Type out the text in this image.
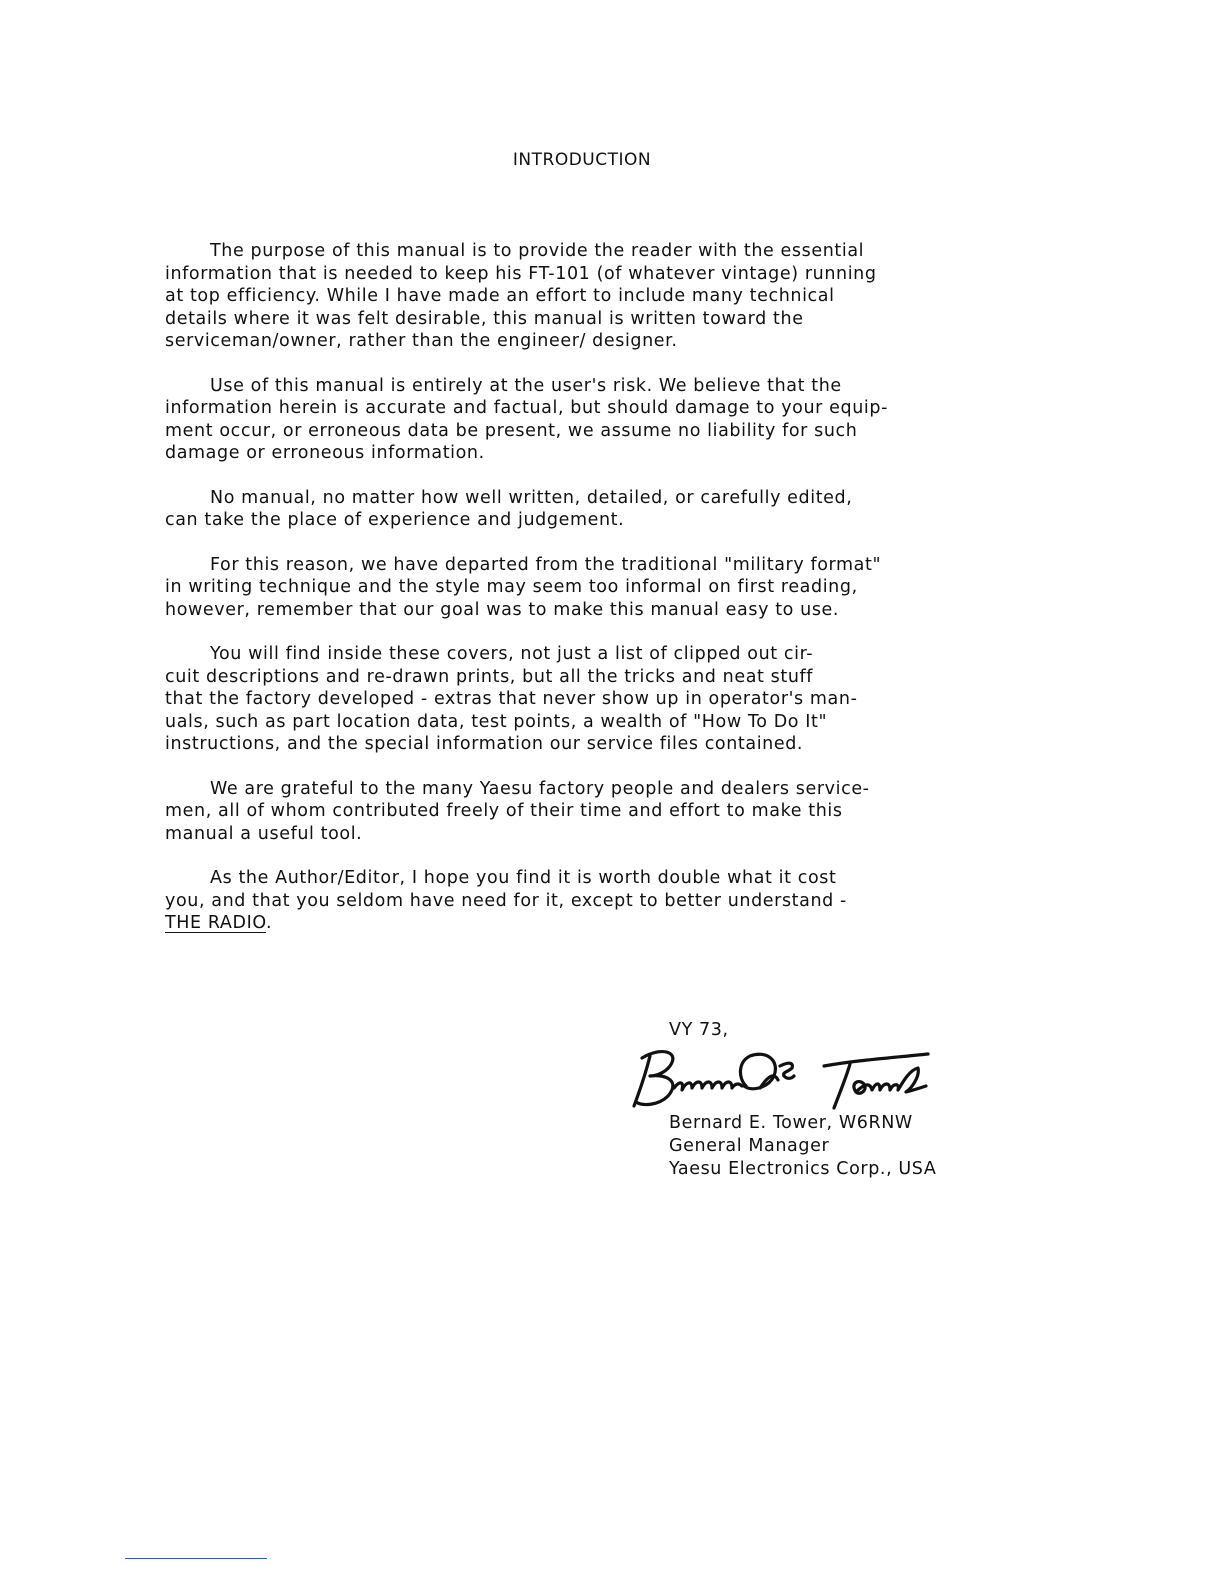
INTRODUCTION

The purpose of this manual is to provide the reader with the essential
information that is needed to keep his FT-101 (of whatever vintage) running
at top efficiency. While I have made an effort to include many technical
details where it was felt desirable, this manual is written toward the
serviceman/owner, rather than the engineer/ designer.

Use of this manual is entirely at the user's risk. We believe that the
information herein is accurate and factual, but should damage to your equip-
ment occur, or erroneous data be present, we assume no liability for such
damage or erroneous information.

No manual, no matter how well written, detailed, or carefully edited,
can take the place of experience and judgement.

For this reason, we have departed from the traditional "military format"
in writing technique and the style may seem too informal on first reading,
however, remember that our goal was to make this manual easy to use.

You will find inside these covers, not just a list of clipped out cir-
cuit descriptions and re-drawn prints, but all the tricks and neat stuff
that the factory developed - extras that never show up in operator's man-
uals, such as part location data, test points, a wealth of "How To Do It"
instructions, and the special information our service files contained.

We are grateful to the many Yaesu factory people and dealers service-
men, all of whom contributed freely of their time and effort to make this
manual a useful tool.

As the Author/Editor, I hope you find it is worth double what it cost
you, and that you seldom have need for it, except to better understand -
THE RADIO.

VY 73,
Bernard E. Tower, W6RNW
General Manager
Yaesu Electronics Corp., USA
